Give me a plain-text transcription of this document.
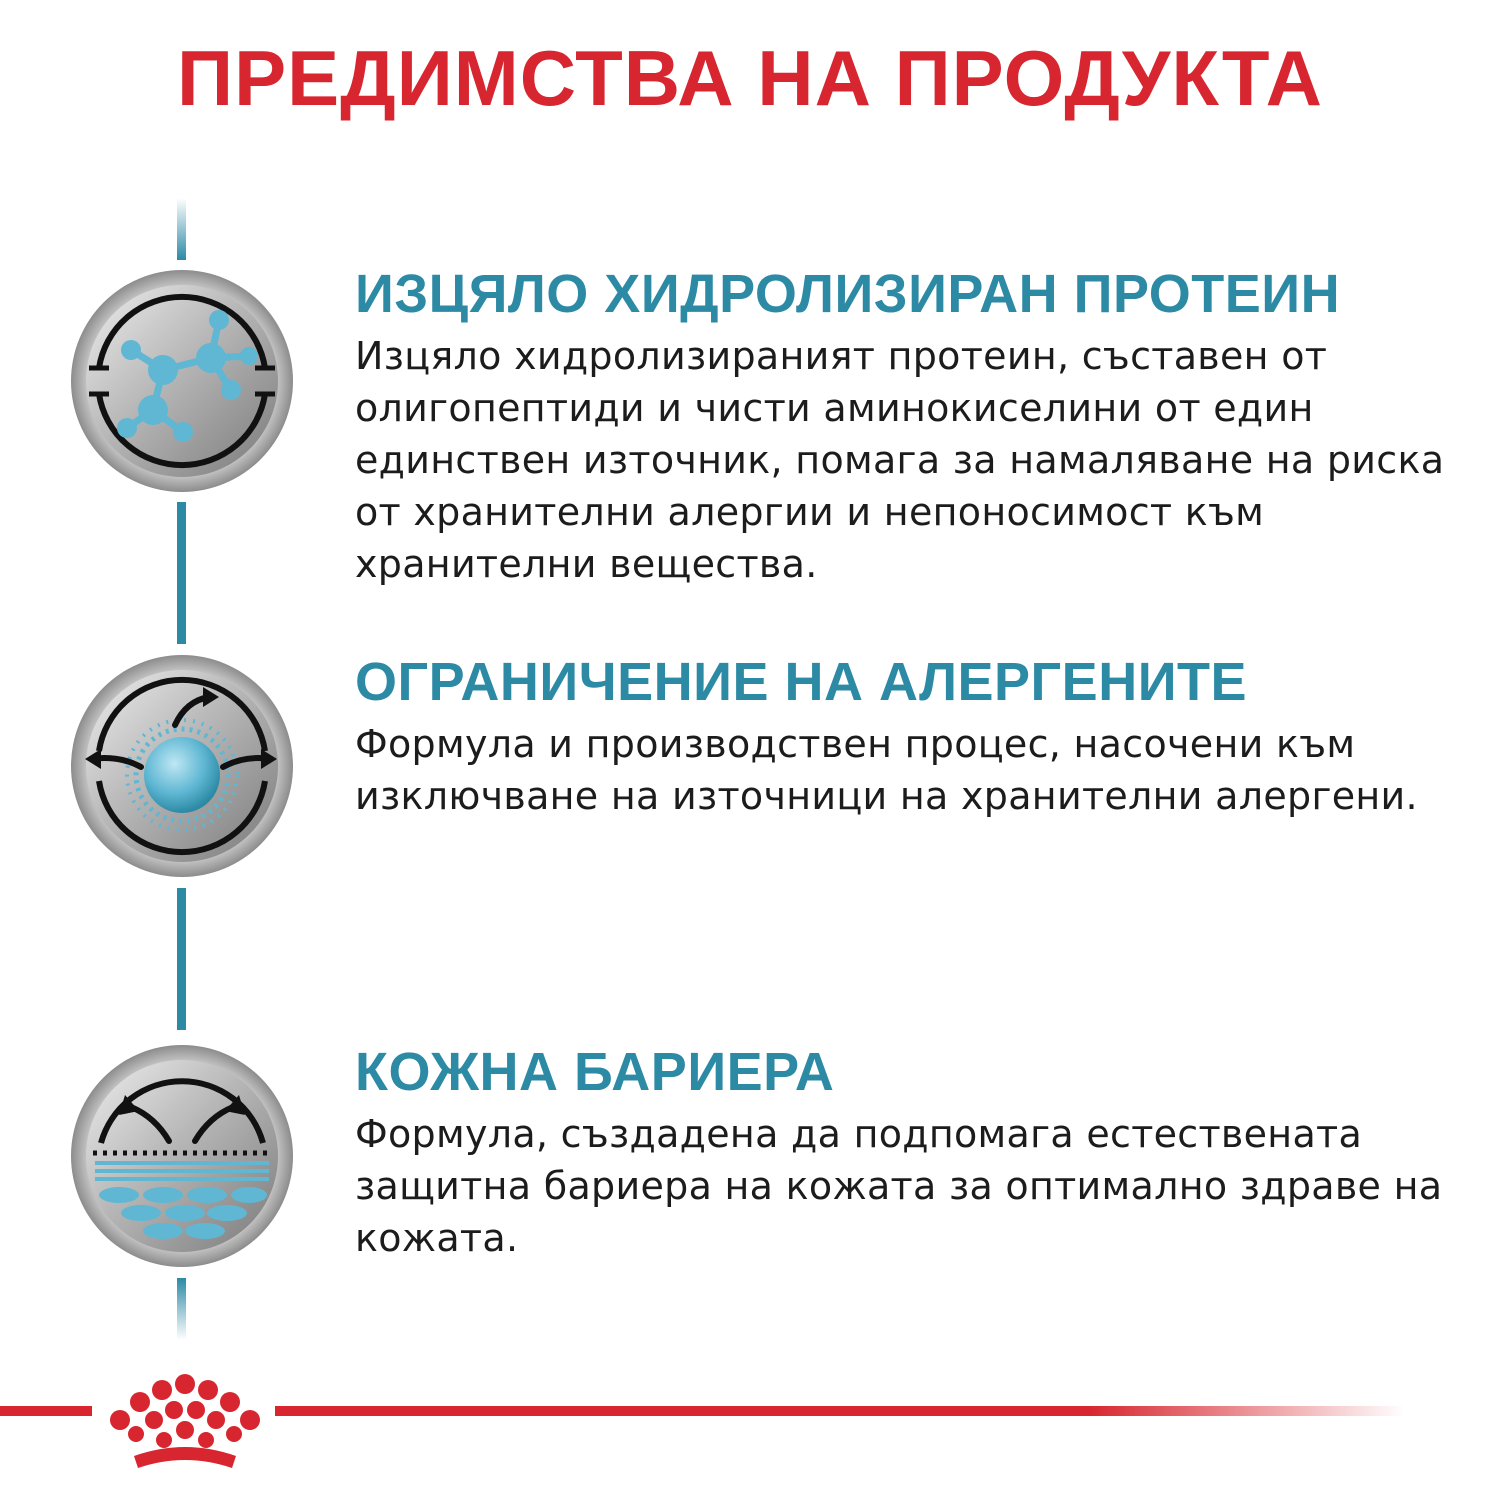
ПРЕДИМСТВА НА ПРОДУКТА
ИЗЦЯЛО ХИДРОЛИЗИРАН ПРОТЕИН

Изцяло хидролизираният протеин, съставен от олигопептиди и чисти аминокиселини от един единствен източник, помага за намаляване на риска от хранителни алергии и непоносимост към хранителни вещества.

ОГРАНИЧЕНИЕ НА АЛЕРГЕНИТЕ

Формула и производствен процес, насочени към изключване на източници на хранителни алергени.

КОЖНА БАРИЕРА

Формула, създадена да подпомага естествената защитна бариера на кожата за оптимално здраве на кожата.
